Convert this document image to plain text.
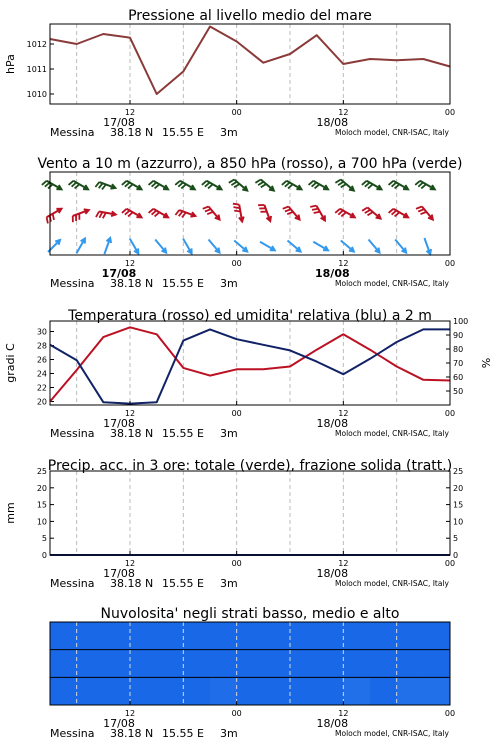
1010
1011
1012
Pressione al livello medio del mare
hPa
12	00	12	00
17/08	18/08
Messina 38.18 N 15.55 E 3m	Moloch model, CNR-ISAC, Italy
Vento a 10 m (azzurro), a 850 hPa (rosso), a 700 hPa (verde)
12	00	12	00
17/08	18/08
Messina 38.18 N 15.55 E 3m	Moloch model, CNR-ISAC, Italy
20
22
24
26
28
30
50
60
70
80
90
100
Temperatura (rosso) ed umidita' relativa (blu) a 2 m
gradi C	%
12	00	12	00
17/08	18/08
Messina 38.18 N 15.55 E 3m	Moloch model, CNR-ISAC, Italy
0
5
10
15
20
25
0
5
10
15
20
25
Precip. acc. in 3 ore: totale (verde), frazione solida (tratt.)
mm
12	00	12	00
17/08	18/08
Messina 38.18 N 15.55 E 3m	Moloch model, CNR-ISAC, Italy
Nuvolosita' negli strati basso, medio e alto
12	00	12	00
17/08	18/08
Messina 38.18 N 15.55 E 3m	Moloch model, CNR-ISAC, Italy
